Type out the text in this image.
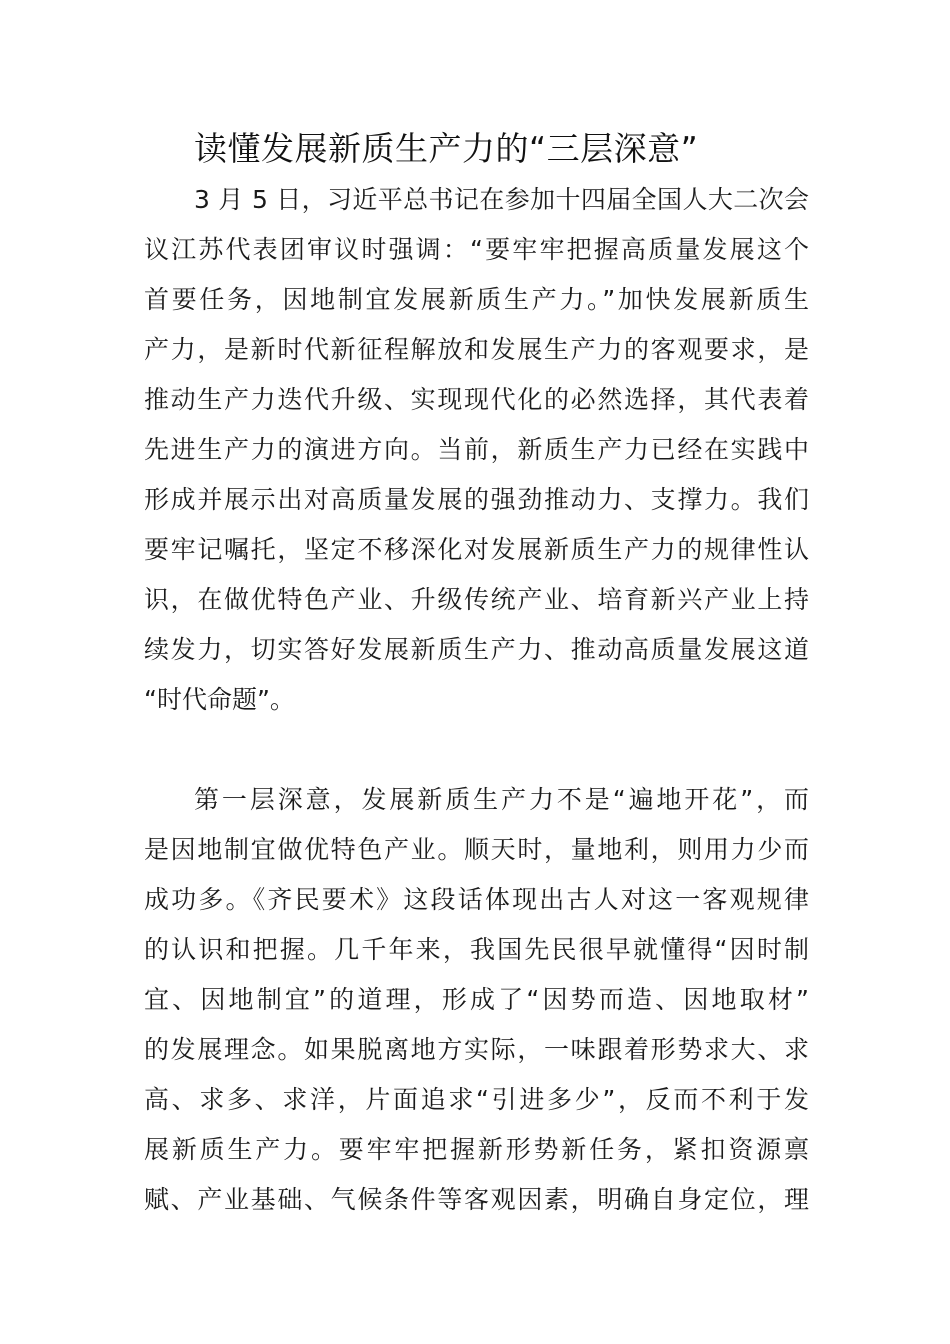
读懂发展新质生产力的“三层深意”
3 月 5 日，习近平总书记在参加十四届全国人大二次会
议江苏代表团审议时强调：“要牢牢把握高质量发展这个
首要任务，因地制宜发展新质生产力。”加快发展新质生
产力，是新时代新征程解放和发展生产力的客观要求，是
推动生产力迭代升级、实现现代化的必然选择，其代表着
先进生产力的演进方向。当前，新质生产力已经在实践中
形成并展示出对高质量发展的强劲推动力、支撑力。我们
要牢记嘱托，坚定不移深化对发展新质生产力的规律性认
识，在做优特色产业、升级传统产业、培育新兴产业上持
续发力，切实答好发展新质生产力、推动高质量发展这道
“时代命题”。
第一层深意，发展新质生产力不是“遍地开花”，而
是因地制宜做优特色产业。顺天时，量地利，则用力少而
成功多。《齐民要术》这段话体现出古人对这一客观规律
的认识和把握。几千年来，我国先民很早就懂得“因时制
宜、因地制宜”的道理，形成了“因势而造、因地取材”
的发展理念。如果脱离地方实际，一味跟着形势求大、求
高、求多、求洋，片面追求“引进多少”，反而不利于发
展新质生产力。要牢牢把握新形势新任务，紧扣资源禀
赋、产业基础、气候条件等客观因素，明确自身定位，理
